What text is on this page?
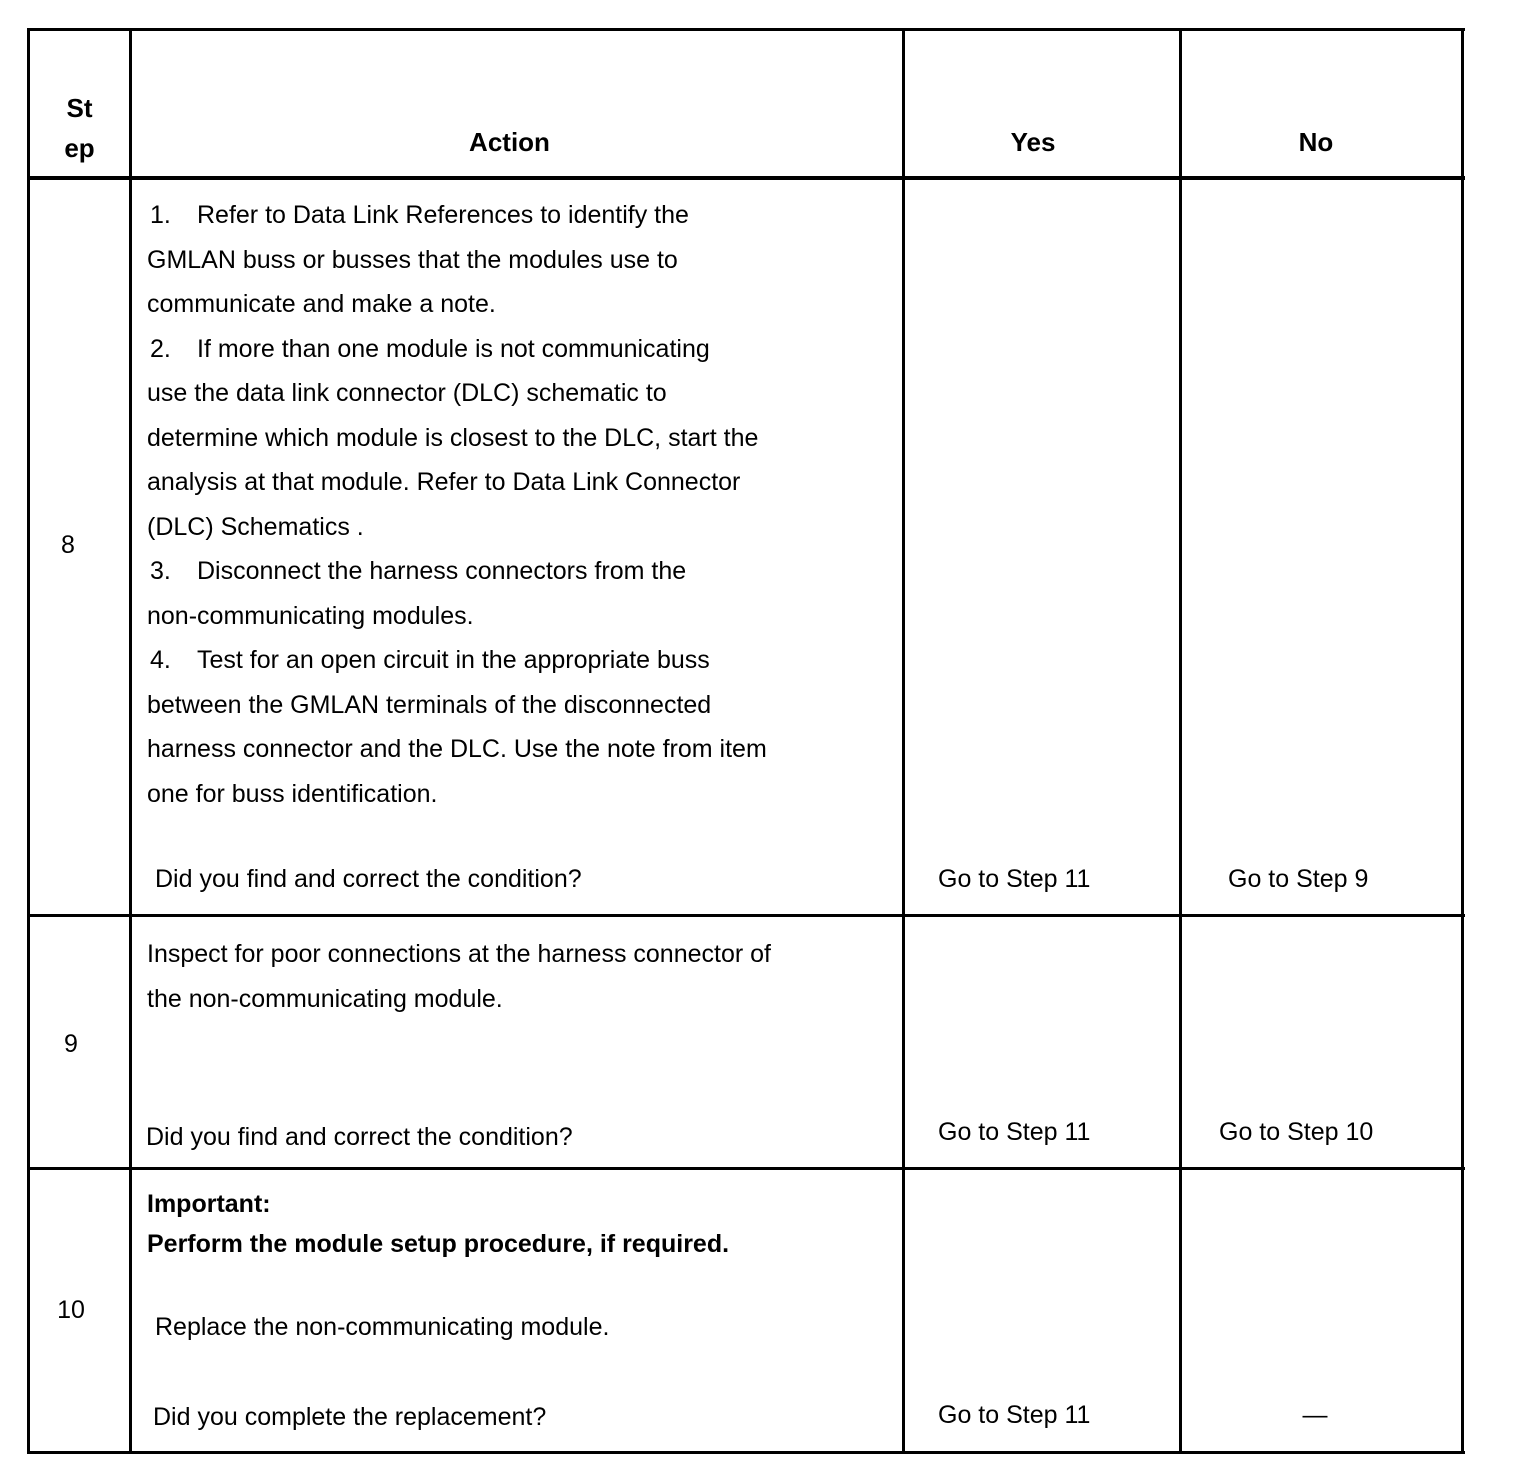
St
ep	Action	Yes	No
8
1. Refer to Data Link References to identify the
GMLAN buss or busses that the modules use to
communicate and make a note.
2. If more than one module is not communicating
use the data link connector (DLC) schematic to
determine which module is closest to the DLC, start the
analysis at that module. Refer to Data Link Connector
(DLC) Schematics .
3. Disconnect the harness connectors from the
non-communicating modules.
4. Test for an open circuit in the appropriate buss
between the GMLAN terminals of the disconnected
harness connector and the DLC. Use the note from item
one for buss identification.
Did you find and correct the condition?	Go to Step 11	Go to Step 9
9
Inspect for poor connections at the harness connector of
the non-communicating module.
Did you find and correct the condition?	Go to Step 11	Go to Step 10
10
Important:
Perform the module setup procedure, if required.
Replace the non-communicating module.
Did you complete the replacement?	Go to Step 11	—
